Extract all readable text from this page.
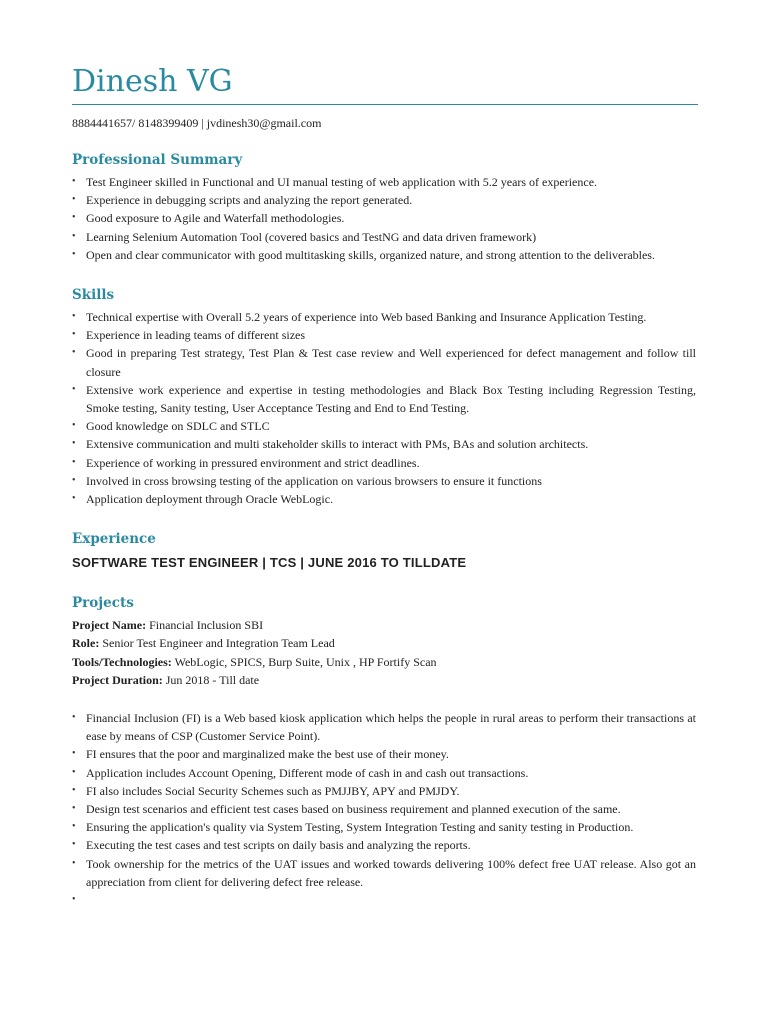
Dinesh VG
8884441657/ 8148399409 | jvdinesh30@gmail.com
Professional Summary
• Test Engineer skilled in Functional and UI manual testing of web application with 5.2 years of experience.
• Experience in debugging scripts and analyzing the report generated.
• Good exposure to Agile and Waterfall methodologies.
• Learning Selenium Automation Tool (covered basics and TestNG and data driven framework)
• Open and clear communicator with good multitasking skills, organized nature, and strong attention to the deliverables.
Skills
• Technical expertise with Overall 5.2 years of experience into Web based Banking and Insurance Application Testing.
• Experience in leading teams of different sizes
• Good in preparing Test strategy, Test Plan & Test case review and Well experienced for defect management and follow till closure
• Extensive work experience and expertise in testing methodologies and Black Box Testing including Regression Testing, Smoke testing, Sanity testing, User Acceptance Testing and End to End Testing.
• Good knowledge on SDLC and STLC
• Extensive communication and multi stakeholder skills to interact with PMs, BAs and solution architects.
• Experience of working in pressured environment and strict deadlines.
• Involved in cross browsing testing of the application on various browsers to ensure it functions
• Application deployment through Oracle WebLogic.
Experience
SOFTWARE TEST ENGINEER | TCS | JUNE 2016 TO TILLDATE
Projects
Project Name: Financial Inclusion SBI
Role: Senior Test Engineer and Integration Team Lead
Tools/Technologies: WebLogic, SPICS, Burp Suite, Unix , HP Fortify Scan
Project Duration: Jun 2018 - Till date
• Financial Inclusion (FI) is a Web based kiosk application which helps the people in rural areas to perform their transactions at ease by means of CSP (Customer Service Point).
• FI ensures that the poor and marginalized make the best use of their money.
• Application includes Account Opening, Different mode of cash in and cash out transactions.
• FI also includes Social Security Schemes such as PMJJBY, APY and PMJDY.
• Design test scenarios and efficient test cases based on business requirement and planned execution of the same.
• Ensuring the application's quality via System Testing, System Integration Testing and sanity testing in Production.
• Executing the test cases and test scripts on daily basis and analyzing the reports.
• Took ownership for the metrics of the UAT issues and worked towards delivering 100% defect free UAT release. Also got an appreciation from client for delivering defect free release.
•
